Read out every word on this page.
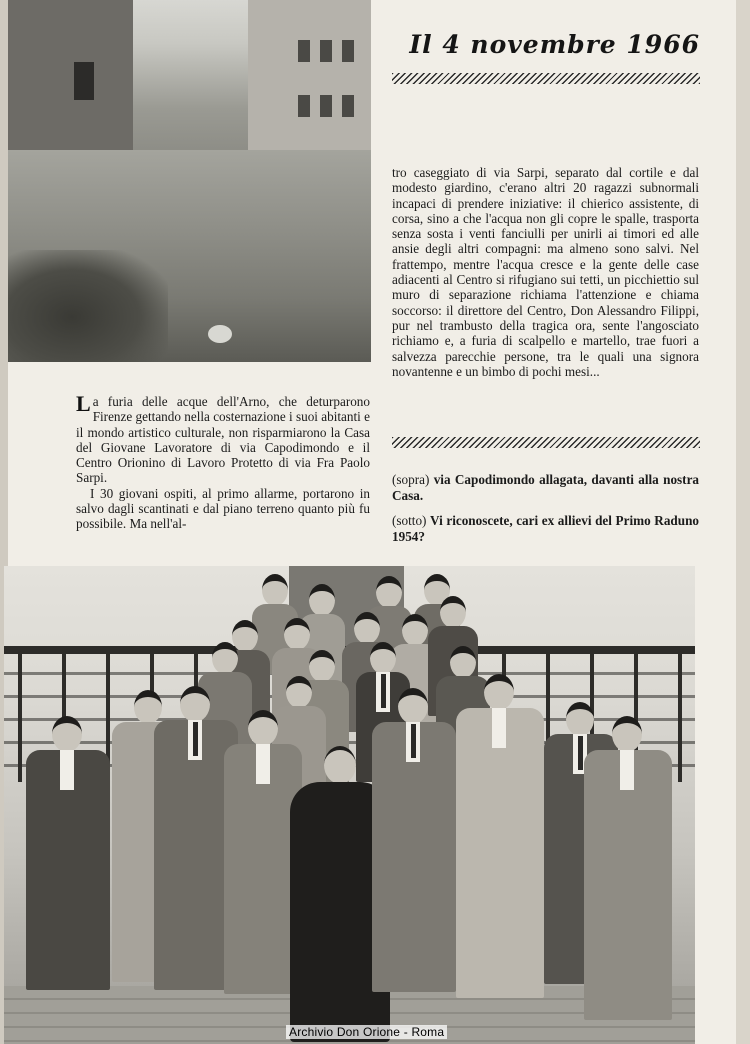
Il 4 novembre 1966

tro caseggiato di via Sarpi, separato dal cortile e dal modesto giardino, c'erano altri 20 ragazzi subnormali incapaci di prendere iniziative: il chierico assistente, di corsa, sino a che l'acqua non gli copre le spalle, trasporta senza sosta i venti fanciulli per unirli ai timori ed alle ansie degli altri compagni: ma almeno sono salvi. Nel frattempo, mentre l'acqua cresce e la gente delle case adiacenti al Centro si rifugiano sui tetti, un picchiettio sul muro di separazione richiama l'attenzione e chiama soccorso: il direttore del Centro, Don Alessandro Filippi, pur nel trambusto della tragica ora, sente l'angosciato richiamo e, a furia di scalpello e martello, trae fuori a salvezza parecchie persone, tra le quali una signora novantenne e un bimbo di pochi mesi...

(sopra) via Capodimondo allagata, davanti alla nostra Casa.

(sotto) Vi riconoscete, cari ex allievi del Primo Raduno 1954?

La furia delle acque dell'Arno, che deturparono Firenze gettando nella costernazione i suoi abitanti e il mondo artistico culturale, non risparmiarono la Casa del Giovane Lavoratore di via Capodimondo e il Centro Orionino di Lavoro Protetto di via Fra Paolo Sarpi.

I 30 giovani ospiti, al primo allarme, portarono in salvo dagli scantinati e dal piano terreno quanto più fu possibile. Ma nell'al-

Archivio Don Orione - Roma
